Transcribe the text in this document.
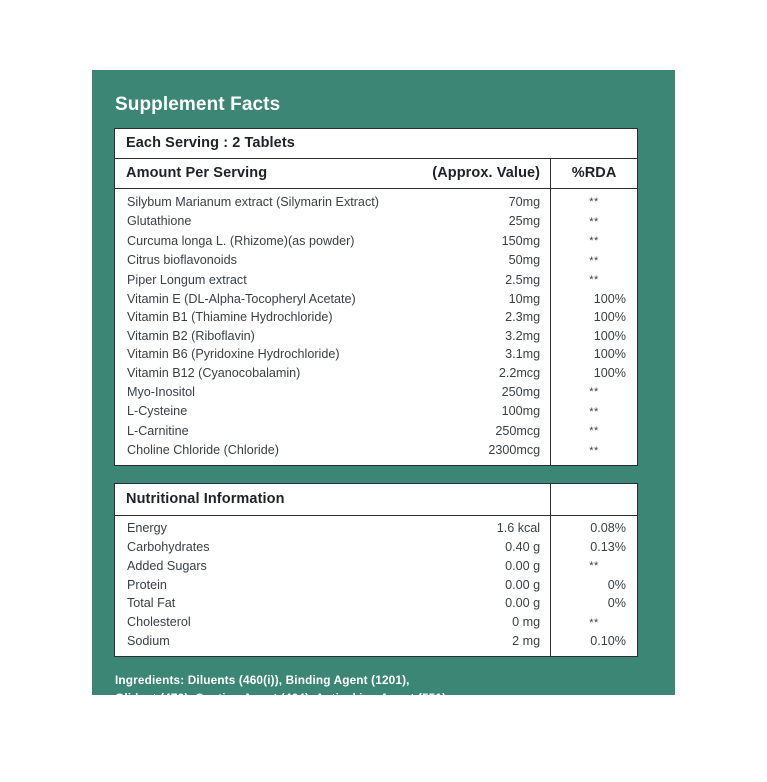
Supplement Facts
Each Serving : 2 Tablets		
Amount Per Serving	(Approx. Value)	%RDA
Silybum Marianum extract (Silymarin Extract)	70mg	**
Glutathione	25mg	**
Curcuma longa L. (Rhizome)(as powder)	150mg	**
Citrus bioflavonoids	50mg	**
Piper Longum extract	2.5mg	**
Vitamin E (DL-Alpha-Tocopheryl Acetate)	10mg	100%
Vitamin B1 (Thiamine Hydrochloride)	2.3mg	100%
Vitamin B2 (Riboflavin)	3.2mg	100%
Vitamin B6 (Pyridoxine Hydrochloride)	3.1mg	100%
Vitamin B12 (Cyanocobalamin)	2.2mcg	100%
Myo-Inositol	250mg	**
L-Cysteine	100mg	**
L-Carnitine	250mcg	**
Choline Chloride (Chloride)	2300mcg	**
Nutritional Information		
Energy	1.6 kcal	0.08%
Carbohydrates	0.40 g	0.13%
Added Sugars	0.00 g	**
Protein	0.00 g	0%
Total Fat	0.00 g	0%
Cholesterol	0 mg	**
Sodium	2 mg	0.10%
Ingredients: Diluents (460(i)), Binding Agent (1201),
Glidant (470), Coating Agent (464), Anticaking Agent (551),
Glazing Agent (553 (iii)).
CONTAINS PERMITTED NATURAL AND SYNTHETIC FOOD COLOUR(S)
Appropriate overages of vitamins are added to compensate
for loss on storage.
